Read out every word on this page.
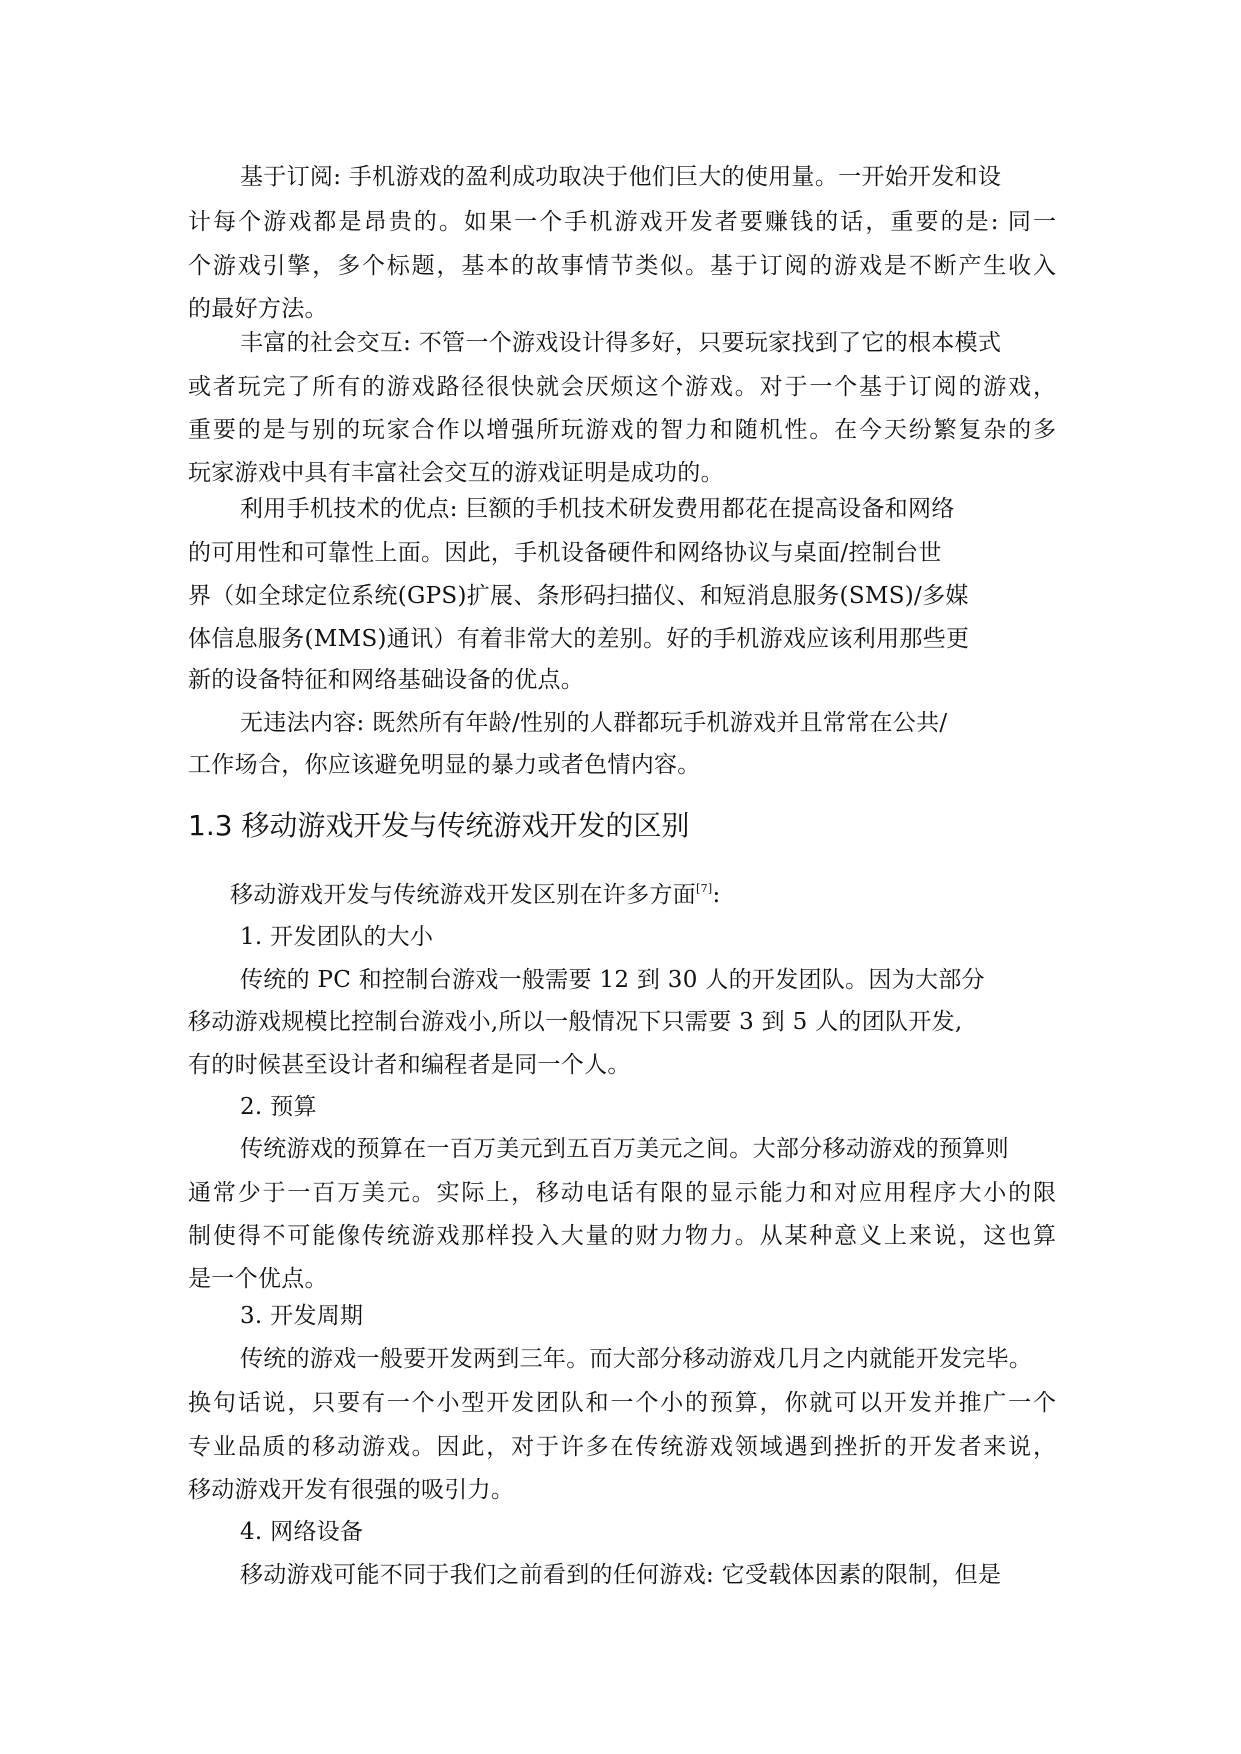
基于订阅: 手机游戏的盈利成功取决于他们巨大的使用量。一开始开发和设
计每个游戏都是昂贵的。如果一个手机游戏开发者要赚钱的话，重要的是: 同一
个游戏引擎，多个标题，基本的故事情节类似。基于订阅的游戏是不断产生收入
的最好方法。
丰富的社会交互: 不管一个游戏设计得多好，只要玩家找到了它的根本模式
或者玩完了所有的游戏路径很快就会厌烦这个游戏。对于一个基于订阅的游戏，
重要的是与别的玩家合作以增强所玩游戏的智力和随机性。在今天纷繁复杂的多
玩家游戏中具有丰富社会交互的游戏证明是成功的。
利用手机技术的优点: 巨额的手机技术研发费用都花在提高设备和网络
的可用性和可靠性上面。因此，手机设备硬件和网络协议与桌面/控制台世
界（如全球定位系统(GPS)扩展、条形码扫描仪、和短消息服务(SMS)/多媒
体信息服务(MMS)通讯）有着非常大的差别。好的手机游戏应该利用那些更
新的设备特征和网络基础设备的优点。
无违法内容: 既然所有年龄/性别的人群都玩手机游戏并且常常在公共/
工作场合，你应该避免明显的暴力或者色情内容。
1.3 移动游戏开发与传统游戏开发的区别
移动游戏开发与传统游戏开发区别在许多方面[7]:
1. 开发团队的大小
传统的 PC 和控制台游戏一般需要 12 到 30 人的开发团队。因为大部分
移动游戏规模比控制台游戏小,所以一般情况下只需要 3 到 5 人的团队开发,
有的时候甚至设计者和编程者是同一个人。
2. 预算
传统游戏的预算在一百万美元到五百万美元之间。大部分移动游戏的预算则
通常少于一百万美元。实际上，移动电话有限的显示能力和对应用程序大小的限
制使得不可能像传统游戏那样投入大量的财力物力。从某种意义上来说，这也算
是一个优点。
3. 开发周期
传统的游戏一般要开发两到三年。而大部分移动游戏几月之内就能开发完毕。
换句话说，只要有一个小型开发团队和一个小的预算，你就可以开发并推广一个
专业品质的移动游戏。因此，对于许多在传统游戏领域遇到挫折的开发者来说，
移动游戏开发有很强的吸引力。
4. 网络设备
移动游戏可能不同于我们之前看到的任何游戏: 它受载体因素的限制，但是
